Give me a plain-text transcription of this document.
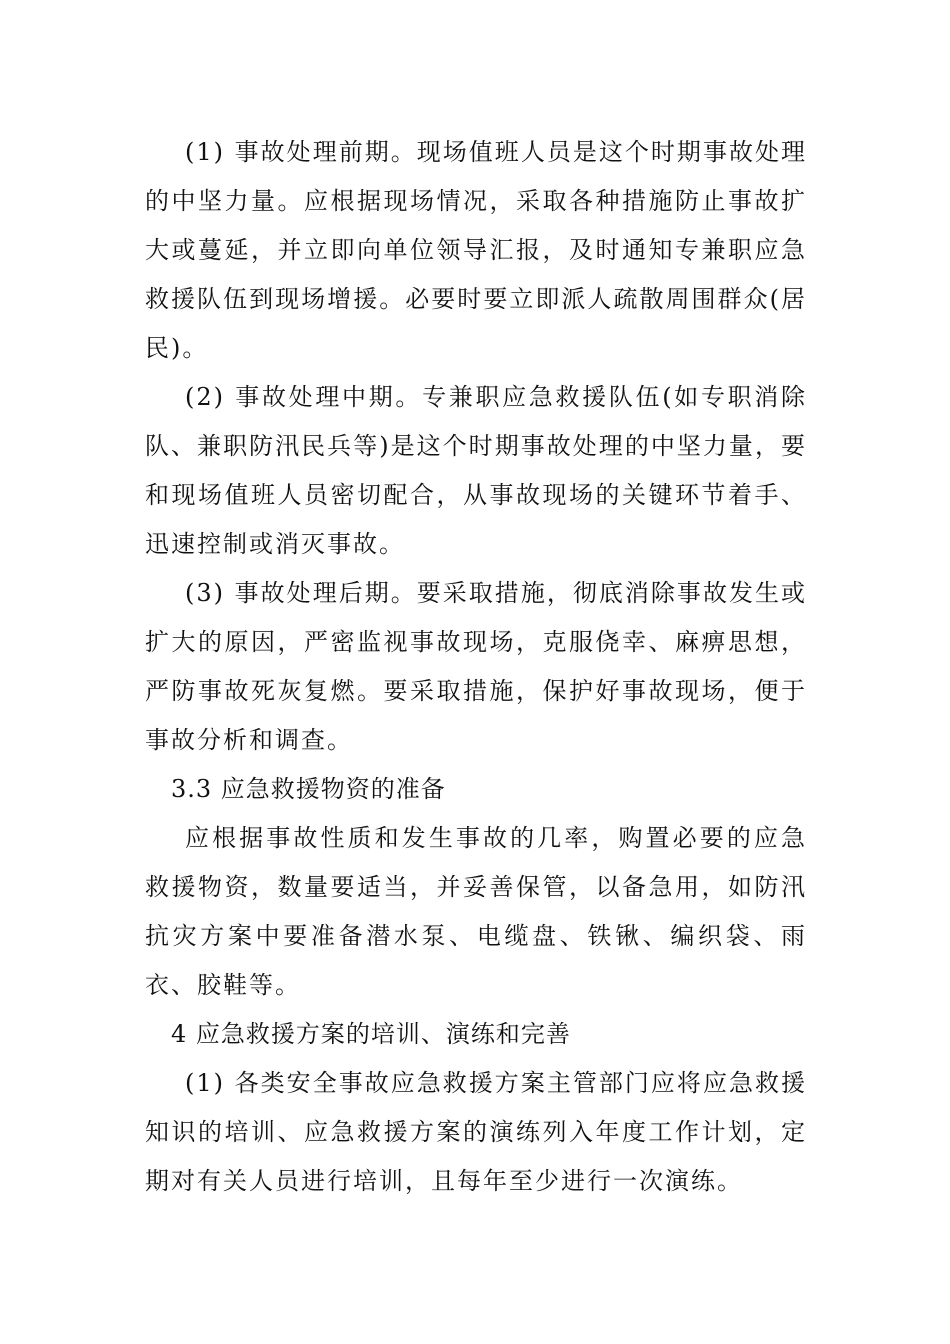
(1) 事故处理前期。现场值班人员是这个时期事故处理的中坚力量。应根据现场情况，采取各种措施防止事故扩大或蔓延，并立即向单位领导汇报，及时通知专兼职应急救援队伍到现场增援。必要时要立即派人疏散周围群众(居民)。

(2) 事故处理中期。专兼职应急救援队伍(如专职消除队、兼职防汛民兵等)是这个时期事故处理的中坚力量，要和现场值班人员密切配合，从事故现场的关键环节着手、迅速控制或消灭事故。

(3) 事故处理后期。要采取措施，彻底消除事故发生或扩大的原因，严密监视事故现场，克服侥幸、麻痹思想，严防事故死灰复燃。要采取措施，保护好事故现场，便于事故分析和调查。

3.3 应急救援物资的准备

应根据事故性质和发生事故的几率，购置必要的应急救援物资，数量要适当，并妥善保管，以备急用，如防汛抗灾方案中要准备潜水泵、电缆盘、铁锹、编织袋、雨衣、胶鞋等。

4 应急救援方案的培训、演练和完善

(1) 各类安全事故应急救援方案主管部门应将应急救援知识的培训、应急救援方案的演练列入年度工作计划，定期对有关人员进行培训，且每年至少进行一次演练。
